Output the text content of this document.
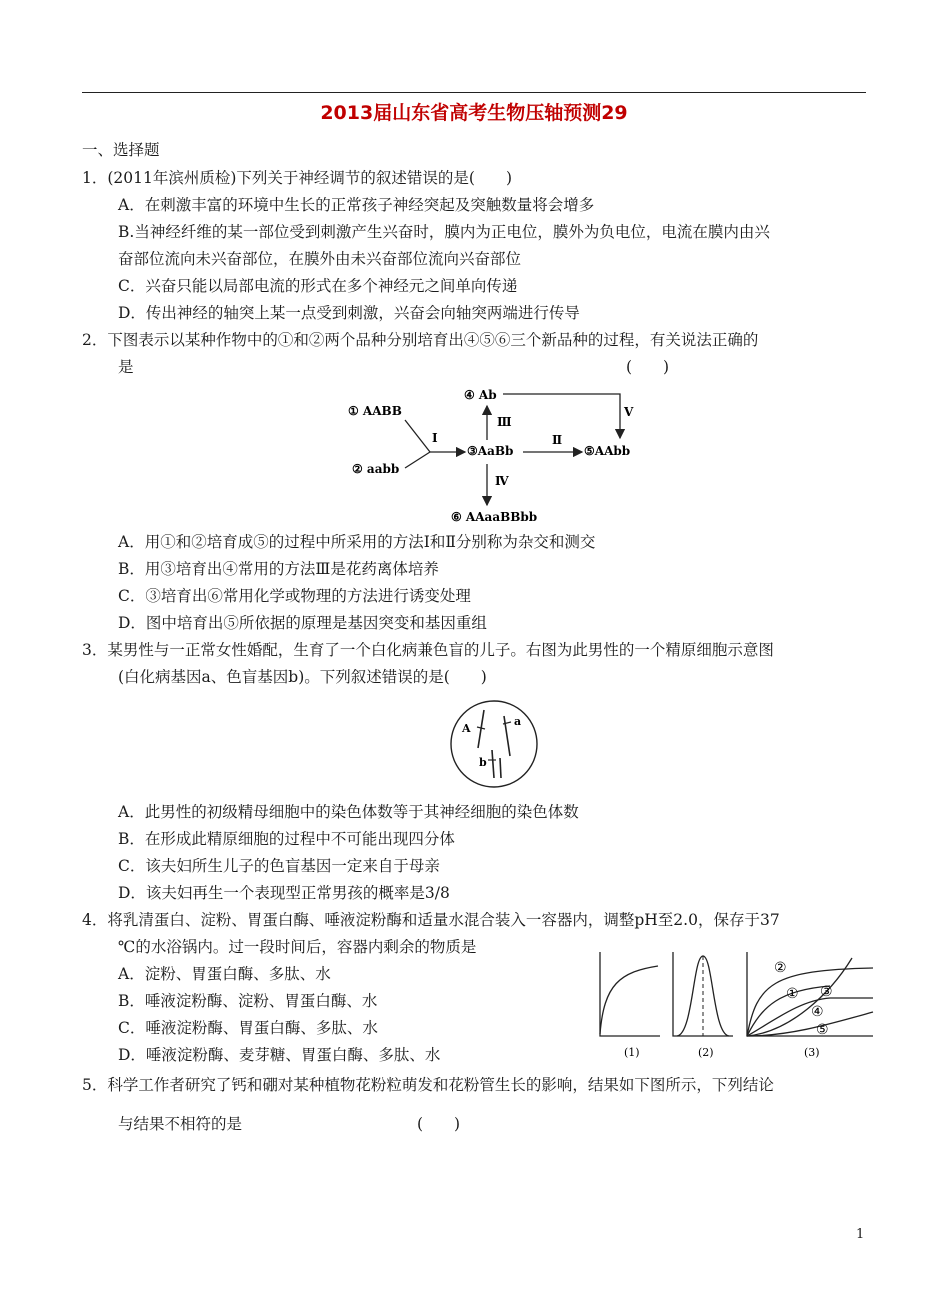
2013届山东省高考生物压轴预测29
一、选择题
1．(2011年滨州质检)下列关于神经调节的叙述错误的是(　　)
A．在刺激丰富的环境中生长的正常孩子神经突起及突触数量将会增多
B.当神经纤维的某一部位受到刺激产生兴奋时，膜内为正电位，膜外为负电位，电流在膜内由兴
奋部位流向未兴奋部位，在膜外由未兴奋部位流向兴奋部位
C．兴奋只能以局部电流的形式在多个神经元之间单向传递
D．传出神经的轴突上某一点受到刺激，兴奋会向轴突两端进行传导
2．下图表示以某种作物中的①和②两个品种分别培育出④⑤⑥三个新品种的过程，有关说法正确的
是	(　　)
① AABB
② aabb
Ⅰ
③AaBb
Ⅱ
⑤AAbb
Ⅲ
④ Ab
Ⅴ
Ⅳ
⑥ AAaaBBbb
A．用①和②培育成⑤的过程中所采用的方法Ⅰ和Ⅱ分别称为杂交和测交
B．用③培育出④常用的方法Ⅲ是花药离体培养
C．③培育出⑥常用化学或物理的方法进行诱变处理
D．图中培育出⑤所依据的原理是基因突变和基因重组
3．某男性与一正常女性婚配，生育了一个白化病兼色盲的儿子。右图为此男性的一个精原细胞示意图
(白化病基因a、色盲基因b)。下列叙述错误的是(　　)
A
a
b
A．此男性的初级精母细胞中的染色体数等于其神经细胞的染色体数
B．在形成此精原细胞的过程中不可能出现四分体
C．该夫妇所生儿子的色盲基因一定来自于母亲
D．该夫妇再生一个表现型正常男孩的概率是3/8
4．将乳清蛋白、淀粉、胃蛋白酶、唾液淀粉酶和适量水混合装入一容器内，调整pH至2.0，保存于37
℃的水浴锅内。过一段时间后，容器内剩余的物质是
A．淀粉、胃蛋白酶、多肽、水
B．唾液淀粉酶、淀粉、胃蛋白酶、水
C．唾液淀粉酶、胃蛋白酶、多肽、水
D．唾液淀粉酶、麦芽糖、胃蛋白酶、多肽、水	(1)	(2)
②
① ③
④
⑤
(3)
5．科学工作者研究了钙和硼对某种植物花粉粒萌发和花粉管生长的影响，结果如下图所示，下列结论
与结果不相符的是	(　　)
1
